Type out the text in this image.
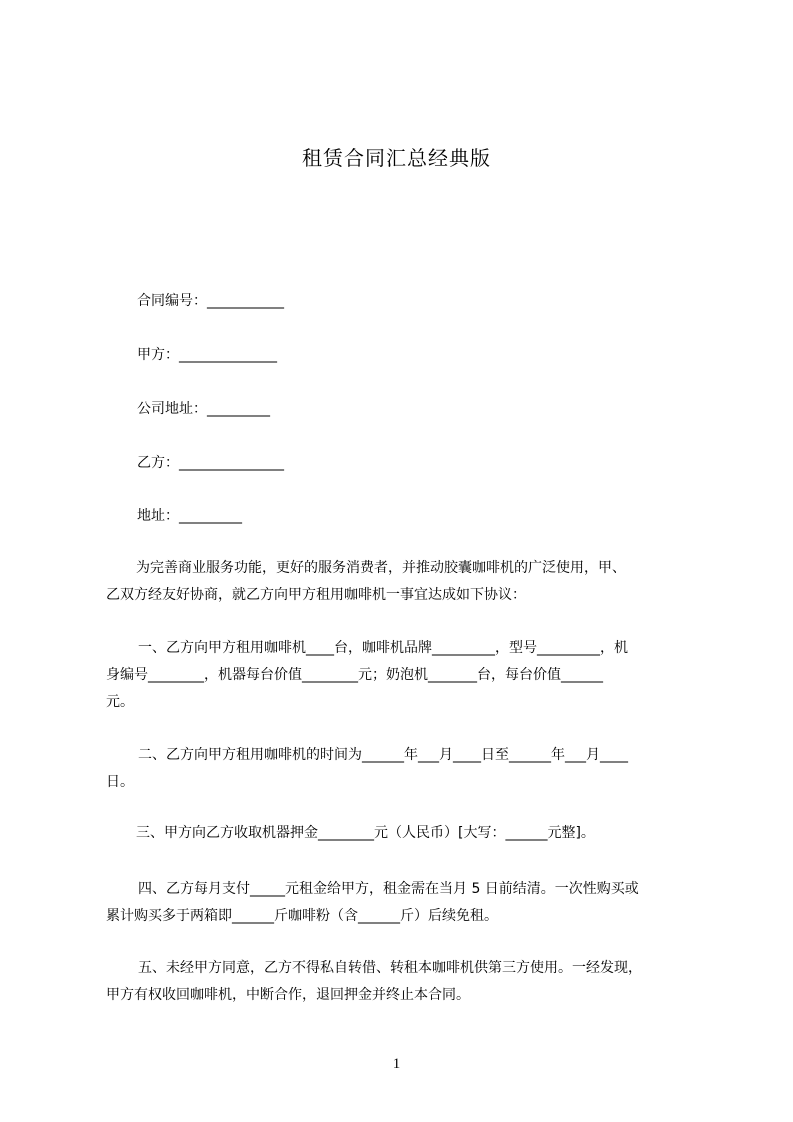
租赁合同汇总经典版
合同编号：___________
甲方：______________
公司地址：_________
乙方：_______________
地址：_________
为完善商业服务功能，更好的服务消费者，并推动胶囊咖啡机的广泛使用，甲、
乙双方经友好协商，就乙方向甲方租用咖啡机一事宜达成如下协议：
一、乙方向甲方租用咖啡机____台，咖啡机品牌_________，型号_________，机
身编号________，机器每台价值________元；奶泡机_______台，每台价值______
元。
二、乙方向甲方租用咖啡机的时间为______年___月____日至______年___月____
日。
三、甲方向乙方收取机器押金________元（人民币）[大写：______元整]。
四、乙方每月支付_____元租金给甲方，租金需在当月 5 日前结清。一次性购买或
累计购买多于两箱即______斤咖啡粉（含______斤）后续免租。
五、未经甲方同意，乙方不得私自转借、转租本咖啡机供第三方使用。一经发现，
甲方有权收回咖啡机，中断合作，退回押金并终止本合同。
1
